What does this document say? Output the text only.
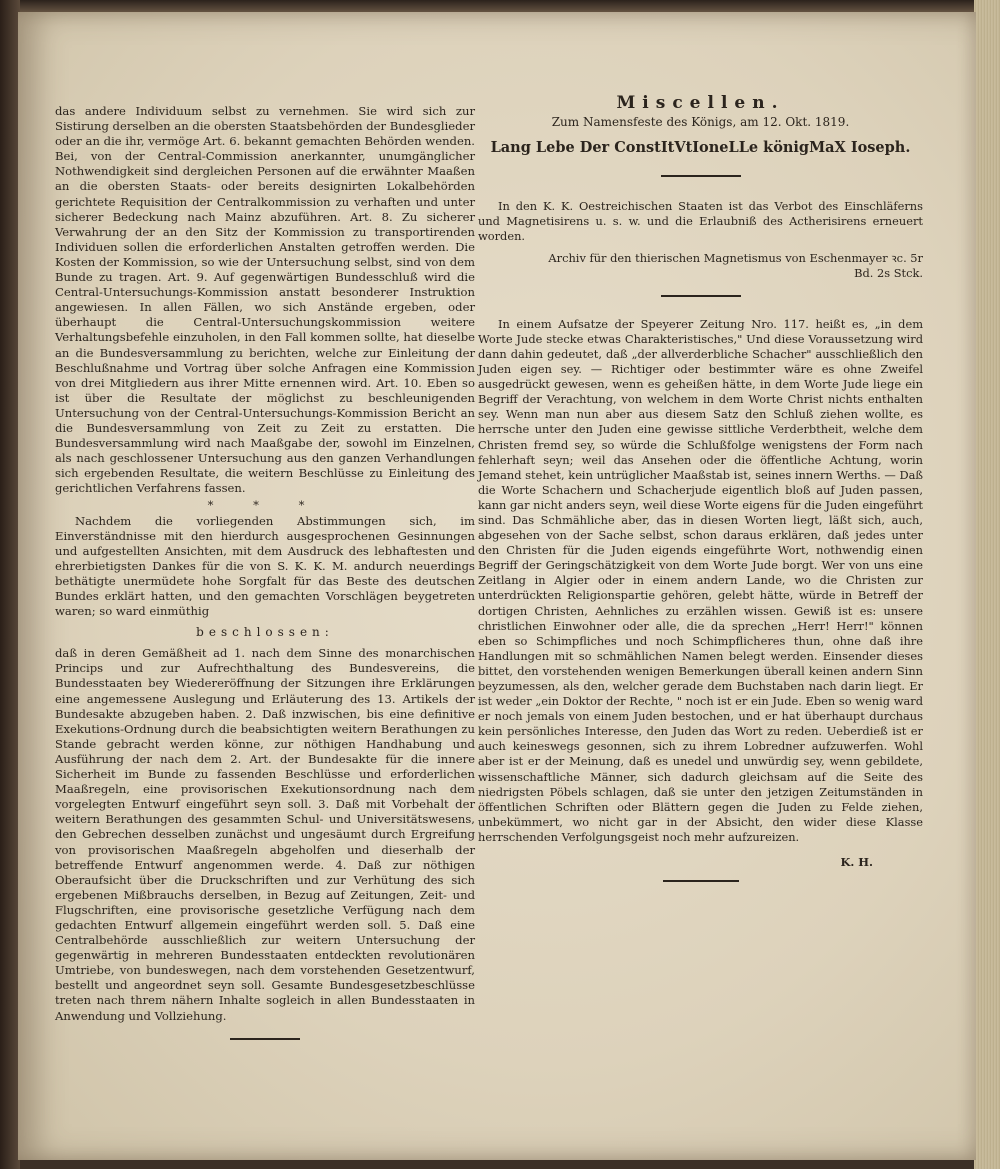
das andere Individuum selbst zu vernehmen. Sie wird sich zur Sistirung derselben an die obersten Staatsbehörden der Bundesglieder oder an die ihr, vermöge Art. 6. bekannt gemachten Behörden wenden. Bei, von der Central-Commission anerkannter, unumgänglicher Nothwendigkeit sind dergleichen Personen auf die erwähnter Maaßen an die obersten Staats- oder bereits designirten Lokalbehörden gerichtete Requisition der Centralkommission zu verhaften und unter sicherer Bedeckung nach Mainz abzuführen. Art. 8. Zu sicherer Verwahrung der an den Sitz der Kommission zu transportirenden Individuen sollen die erforderlichen Anstalten getroffen werden. Die Kosten der Kommission, so wie der Untersuchung selbst, sind von dem Bunde zu tragen. Art. 9. Auf gegenwärtigen Bundesschluß wird die Central-Untersuchungs-Kommission anstatt besonderer Instruktion angewiesen. In allen Fällen, wo sich Anstände ergeben, oder überhaupt die Central-Untersuchungskommission weitere Verhaltungsbefehle einzuholen, in den Fall kommen sollte, hat dieselbe an die Bundesversammlung zu berichten, welche zur Einleitung der Beschlußnahme und Vortrag über solche Anfragen eine Kommission von drei Mitgliedern aus ihrer Mitte ernennen wird. Art. 10. Eben so ist über die Resultate der möglichst zu beschleunigenden Untersuchung von der Central-Untersuchungs-Kommission Bericht an die Bundesversammlung von Zeit zu Zeit zu erstatten. Die Bundesversammlung wird nach Maaßgabe der, sowohl im Einzelnen, als nach geschlossener Untersuchung aus den ganzen Verhandlungen sich ergebenden Resultate, die weitern Beschlüsse zu Einleitung des gerichtlichen Verfahrens fassen.

* * *

Nachdem die vorliegenden Abstimmungen sich, im Einverständnisse mit den hierdurch ausgesprochenen Gesinnungen und aufgestellten Ansichten, mit dem Ausdruck des lebhaftesten und ehrerbietigsten Dankes für die von S. K. K. M. andurch neuerdings bethätigte unermüdete hohe Sorgfalt für das Beste des deutschen Bundes erklärt hatten, und den gemachten Vorschlägen beygetreten waren; so ward einmüthig

beschlossen:

daß in deren Gemäßheit ad 1. nach dem Sinne des monarchischen Princips und zur Aufrechthaltung des Bundesvereins, die Bundesstaaten bey Wiedereröffnung der Sitzungen ihre Erklärungen eine angemessene Auslegung und Erläuterung des 13. Artikels der Bundesakte abzugeben haben. 2. Daß inzwischen, bis eine definitive Exekutions-Ordnung durch die beabsichtigten weitern Berathungen zu Stande gebracht werden könne, zur nöthigen Handhabung und Ausführung der nach dem 2. Art. der Bundesakte für die innere Sicherheit im Bunde zu fassenden Beschlüsse und erforderlichen Maaßregeln, eine provisorischen Exekutionsordnung nach dem vorgelegten Entwurf eingeführt seyn soll. 3. Daß mit Vorbehalt der weitern Berathungen des gesammten Schul- und Universitätswesens, den Gebrechen desselben zunächst und ungesäumt durch Ergreifung von provisorischen Maaßregeln abgeholfen und dieserhalb der betreffende Entwurf angenommen werde. 4. Daß zur nöthigen Oberaufsicht über die Druckschriften und zur Verhütung des sich ergebenen Mißbrauchs derselben, in Bezug auf Zeitungen, Zeit- und Flugschriften, eine provisorische gesetzliche Verfügung nach dem gedachten Entwurf allgemein eingeführt werden soll. 5. Daß eine Centralbehörde ausschließlich zur weitern Untersuchung der gegenwärtig in mehreren Bundesstaaten entdeckten revolutionären Umtriebe, von bundeswegen, nach dem vorstehenden Gesetzentwurf, bestellt und angeordnet seyn soll. Gesamte Bundesgesetzbeschlüsse treten nach threm nähern Inhalte sogleich in allen Bundesstaaten in Anwendung und Vollziehung.

Miscellen.

Zum Namensfeste des Königs, am 12. Okt. 1819.

Lang Lebe Der ConstItVtIoneLLe königMaX Ioseph.

In den K. K. Oestreichischen Staaten ist das Verbot des Einschläferns und Magnetisirens u. s. w. und die Erlaubniß des Actherisirens erneuert worden.

Archiv für den thierischen Magnetismus von Eschenmayer ꝛc. 5r Bd. 2s Stck.

In einem Aufsatze der Speyerer Zeitung Nro. 117. heißt es, „in dem Worte Jude stecke etwas Charakteristisches," Und diese Voraussetzung wird dann dahin gedeutet, daß „der allverderbliche Schacher" ausschließlich den Juden eigen sey. — Richtiger oder bestimmter wäre es ohne Zweifel ausgedrückt gewesen, wenn es geheißen hätte, in dem Worte Jude liege ein Begriff der Verachtung, von welchem in dem Worte Christ nichts enthalten sey. Wenn man nun aber aus diesem Satz den Schluß ziehen wollte, es herrsche unter den Juden eine gewisse sittliche Verderbtheit, welche dem Christen fremd sey, so würde die Schlußfolge wenigstens der Form nach fehlerhaft seyn; weil das Ansehen oder die öffentliche Achtung, worin Jemand stehet, kein untrüglicher Maaßstab ist, seines innern Werths. — Daß die Worte Schachern und Schacherjude eigentlich bloß auf Juden passen, kann gar nicht anders seyn, weil diese Worte eigens für die Juden eingeführt sind. Das Schmähliche aber, das in diesen Worten liegt, läßt sich, auch, abgesehen von der Sache selbst, schon daraus erklären, daß jedes unter den Christen für die Juden eigends eingeführte Wort, nothwendig einen Begriff der Geringschätzigkeit von dem Worte Jude borgt. Wer von uns eine Zeitlang in Algier oder in einem andern Lande, wo die Christen zur unterdrückten Religionspartie gehören, gelebt hätte, würde in Betreff der dortigen Christen, Aehnliches zu erzählen wissen. Gewiß ist es: unsere christlichen Einwohner oder alle, die da sprechen „Herr! Herr!" können eben so Schimpfliches und noch Schimpflicheres thun, ohne daß ihre Handlungen mit so schmählichen Namen belegt werden. Einsender dieses bittet, den vorstehenden wenigen Bemerkungen überall keinen andern Sinn beyzumessen, als den, welcher gerade dem Buchstaben nach darin liegt. Er ist weder „ein Doktor der Rechte, " noch ist er ein Jude. Eben so wenig ward er noch jemals von einem Juden bestochen, und er hat überhaupt durchaus kein persönliches Interesse, den Juden das Wort zu reden. Ueberdieß ist er auch keineswegs gesonnen, sich zu ihrem Lobredner aufzuwerfen. Wohl aber ist er der Meinung, daß es unedel und unwürdig sey, wenn gebildete, wissenschaftliche Männer, sich dadurch gleichsam auf die Seite des niedrigsten Pöbels schlagen, daß sie unter den jetzigen Zeitumständen in öffentlichen Schriften oder Blättern gegen die Juden zu Felde ziehen, unbekümmert, wo nicht gar in der Absicht, den wider diese Klasse herrschenden Verfolgungsgeist noch mehr aufzureizen.

K. H.
